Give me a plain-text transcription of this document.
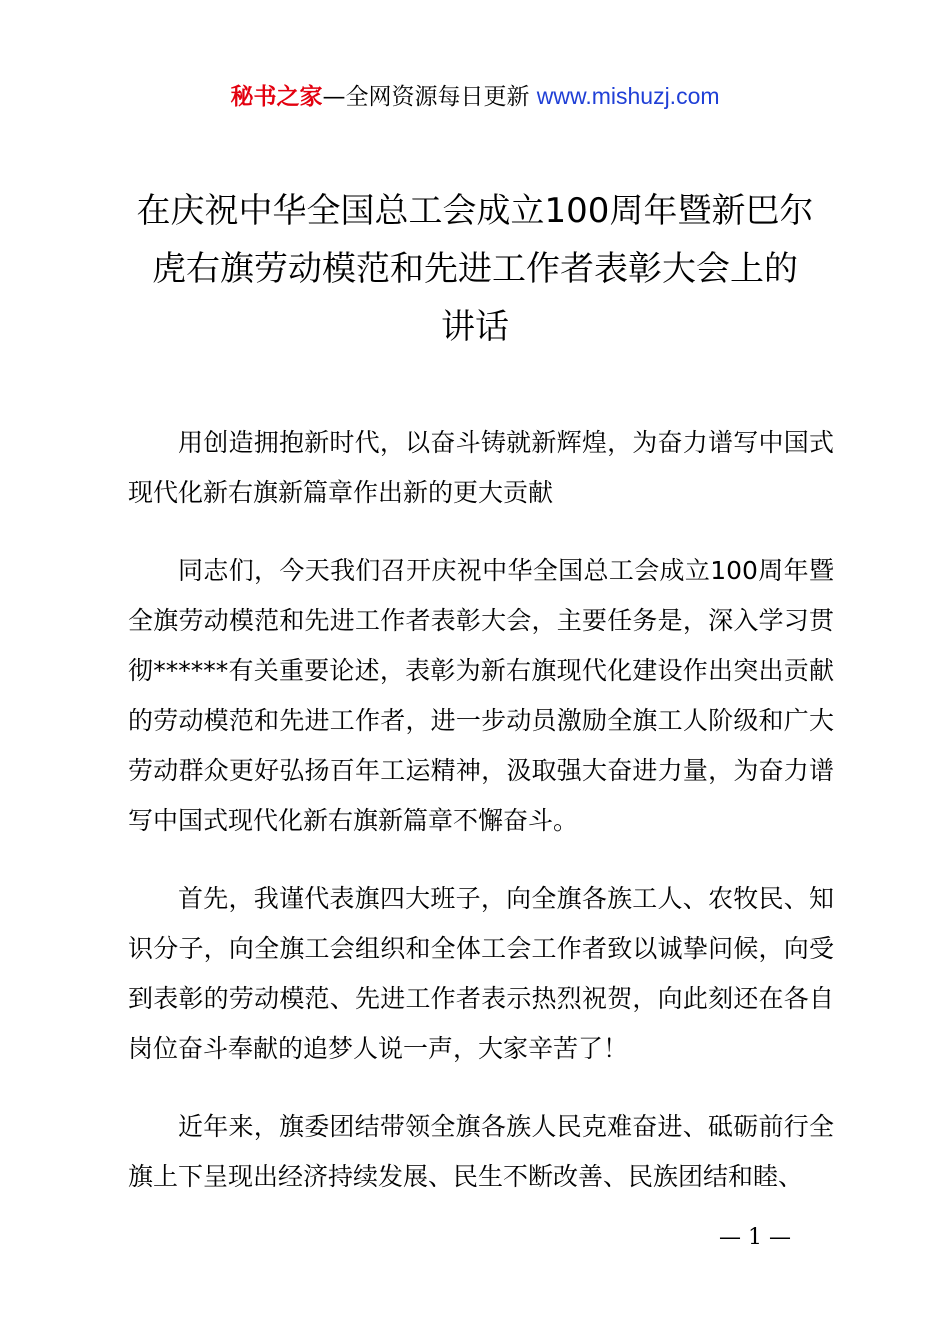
秘书之家—全网资源每日更新 www.mishuzj.com
在庆祝中华全国总工会成立100周年暨新巴尔
虎右旗劳动模范和先进工作者表彰大会上的
讲话

用创造拥抱新时代，以奋斗铸就新辉煌，为奋力谱写中国式现代化新右旗新篇章作出新的更大贡献

同志们，今天我们召开庆祝中华全国总工会成立100周年暨全旗劳动模范和先进工作者表彰大会，主要任务是，深入学习贯彻******有关重要论述，表彰为新右旗现代化建设作出突出贡献的劳动模范和先进工作者，进一步动员激励全旗工人阶级和广大劳动群众更好弘扬百年工运精神，汲取强大奋进力量，为奋力谱写中国式现代化新右旗新篇章不懈奋斗。

首先，我谨代表旗四大班子，向全旗各族工人、农牧民、知识分子，向全旗工会组织和全体工会工作者致以诚挚问候，向受到表彰的劳动模范、先进工作者表示热烈祝贺，向此刻还在各自岗位奋斗奉献的追梦人说一声，大家辛苦了！

近年来，旗委团结带领全旗各族人民克难奋进、砥砺前行全旗上下呈现出经济持续发展、民生不断改善、民族团结和睦、

— 1 —
